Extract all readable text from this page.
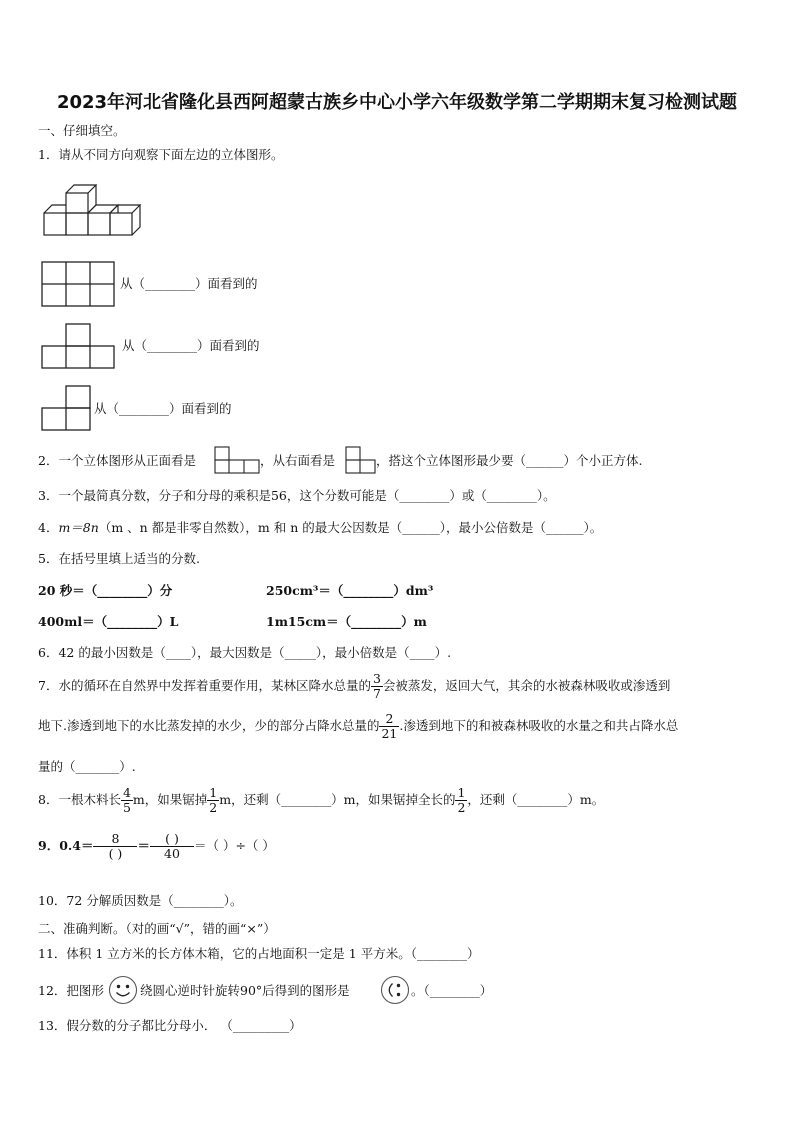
2023年河北省隆化县西阿超蒙古族乡中心小学六年级数学第二学期期末复习检测试题
一、仔细填空。
1．请从不同方向观察下面左边的立体图形。
从（________）面看到的
从（________）面看到的
从（________）面看到的
2．一个立体图形从正面看是	，从右面看是	，搭这个立体图形最少要（______）个小正方体.
3．一个最简真分数，分子和分母的乘积是56，这个分数可能是（________）或（________）。
4．m＝8n（m 、n 都是非零自然数），m 和 n 的最大公因数是（______），最小公倍数是（______）。
5．在括号里填上适当的分数.
20 秒＝（________）分	250cm³＝（________）dm³
400ml＝（________）L	1m15cm＝（________）m
6．42 的最小因数是（____），最大因数是（_____），最小倍数是（____）.
7．水的循环在自然界中发挥着重要作用，某林区降水总量的 $\frac{3}{7}$ 会被蒸发，返回大气，其余的水被森林吸收或渗透到
地下.渗透到地下的水比蒸发掉的水少，少的部分占降水总量的 $\frac{2}{21}$ .渗透到地下的和被森林吸收的水量之和共占降水总
量的（_______）.
8．一根木料长 $\frac{4}{5}$ m，如果锯掉 $\frac{1}{2}$ m，还剩（________）m，如果锯掉全长的 $\frac{1}{2}$ ，还剩（________）m。
9．$0.4= \frac{8}{( )} = \frac{( )}{40}$ ＝（ ）÷（ ）
10．72 分解质因数是（________）。
二、准确判断。（对的画“√”，错的画“×”）
11．体积 1 立方米的长方体木箱，它的占地面积一定是 1 平方米。（________）
12．把图形	绕圆心逆时针旋转90°后得到的图形是	。（________）
13．假分数的分子都比分母小． （_________）
